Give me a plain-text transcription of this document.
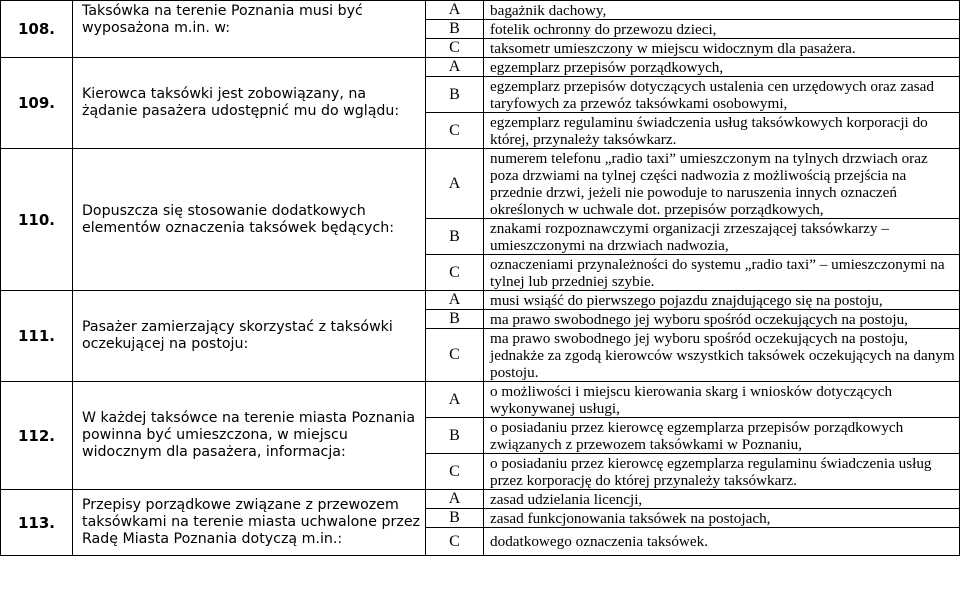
108.	Taksówka na terenie Poznania musi być wyposażona m.in. w:	A	bagażnik dachowy,
		B	fotelik ochronny do przewozu dzieci,
		C	taksometr umieszczony w miejscu widocznym dla pasażera.
109.	Kierowca taksówki jest zobowiązany, na żądanie pasażera udostępnić mu do wglądu:	A	egzemplarz przepisów porządkowych,
		B	egzemplarz przepisów dotyczących ustalenia cen urzędowych oraz zasad taryfowych za przewóz taksówkami osobowymi,
		C	egzemplarz regulaminu świadczenia usług taksówkowych korporacji do której, przynależy taksówkarz.
110.	Dopuszcza się stosowanie dodatkowych elementów oznaczenia taksówek będących:	A	numerem telefonu „radio taxi” umieszczonym na tylnych drzwiach oraz poza drzwiami na tylnej części nadwozia z możliwością przejścia na przednie drzwi, jeżeli nie powoduje to naruszenia innych oznaczeń określonych w uchwale dot. przepisów porządkowych,
		B	znakami rozpoznawczymi organizacji zrzeszającej taksówkarzy – umieszczonymi na drzwiach nadwozia,
		C	oznaczeniami przynależności do systemu „radio taxi” – umieszczonymi na tylnej lub przedniej szybie.
111.	Pasażer zamierzający skorzystać z taksówki oczekującej na postoju:	A	musi wsiąść do pierwszego pojazdu znajdującego się na postoju,
		B	ma prawo swobodnego jej wyboru spośród oczekujących na postoju,
		C	ma prawo swobodnego jej wyboru spośród oczekujących na postoju, jednakże za zgodą kierowców wszystkich taksówek oczekujących na danym postoju.
112.	W każdej taksówce na terenie miasta Poznania powinna być umieszczona, w miejscu widocznym dla pasażera, informacja:	A	o możliwości i miejscu kierowania skarg i wniosków dotyczących wykonywanej usługi,
		B	o posiadaniu przez kierowcę egzemplarza przepisów porządkowych związanych z przewozem taksówkami w Poznaniu,
		C	o posiadaniu przez kierowcę egzemplarza regulaminu świadczenia usług przez korporację do której przynależy taksówkarz.
113.	Przepisy porządkowe związane z przewozem taksówkami na terenie miasta uchwalone przez Radę Miasta Poznania dotyczą m.in.:	A	zasad udzielania licencji,
		B	zasad funkcjonowania taksówek na postojach,
		C	dodatkowego oznaczenia taksówek.
